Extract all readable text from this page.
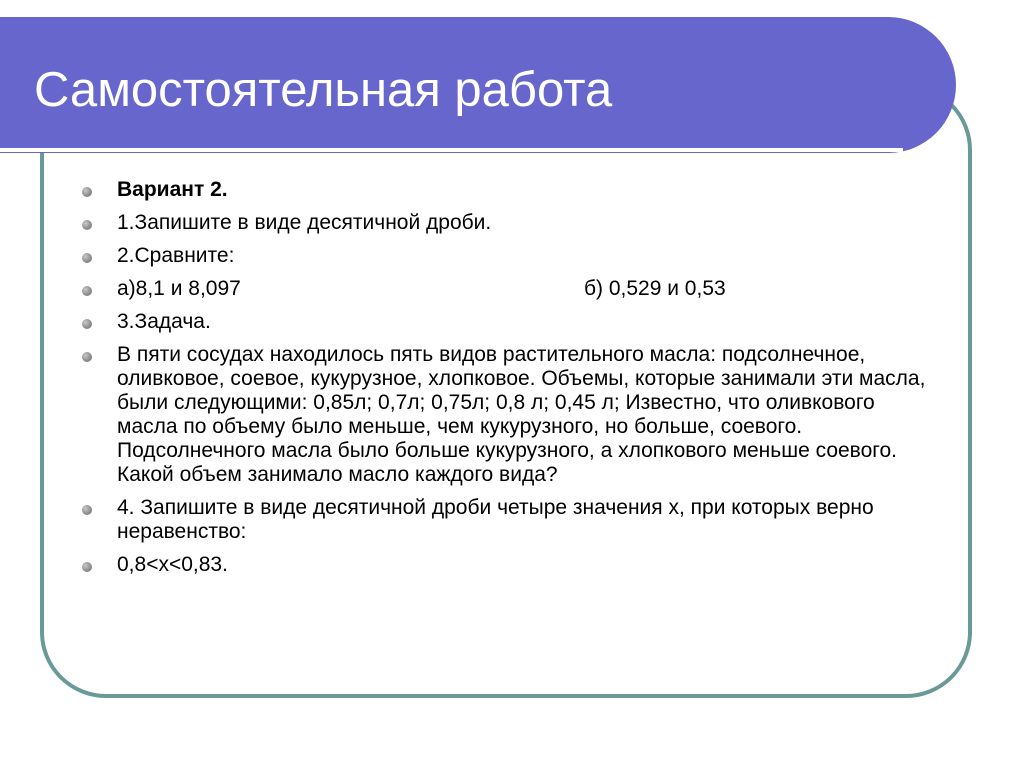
Самостоятельная работа
Вариант 2.
1.Запишите в виде десятичной дроби.
2.Сравните:
а)8,1 и 8,097	б) 0,529 и 0,53
3.Задача.
В пяти сосудах находилось пять видов растительного масла: подсолнечное, оливковое, соевое, кукурузное, хлопковое. Объемы, которые занимали эти масла, были следующими: 0,85л; 0,7л; 0,75л; 0,8 л; 0,45 л; Известно, что оливкового масла по объему было меньше, чем кукурузного, но больше, соевого. Подсолнечного масла было больше кукурузного, а хлопкового меньше соевого. Какой объем занимало масло каждого вида?
4. Запишите в виде десятичной дроби четыре значения х, при которых верно неравенство:
0,8<x<0,83.
